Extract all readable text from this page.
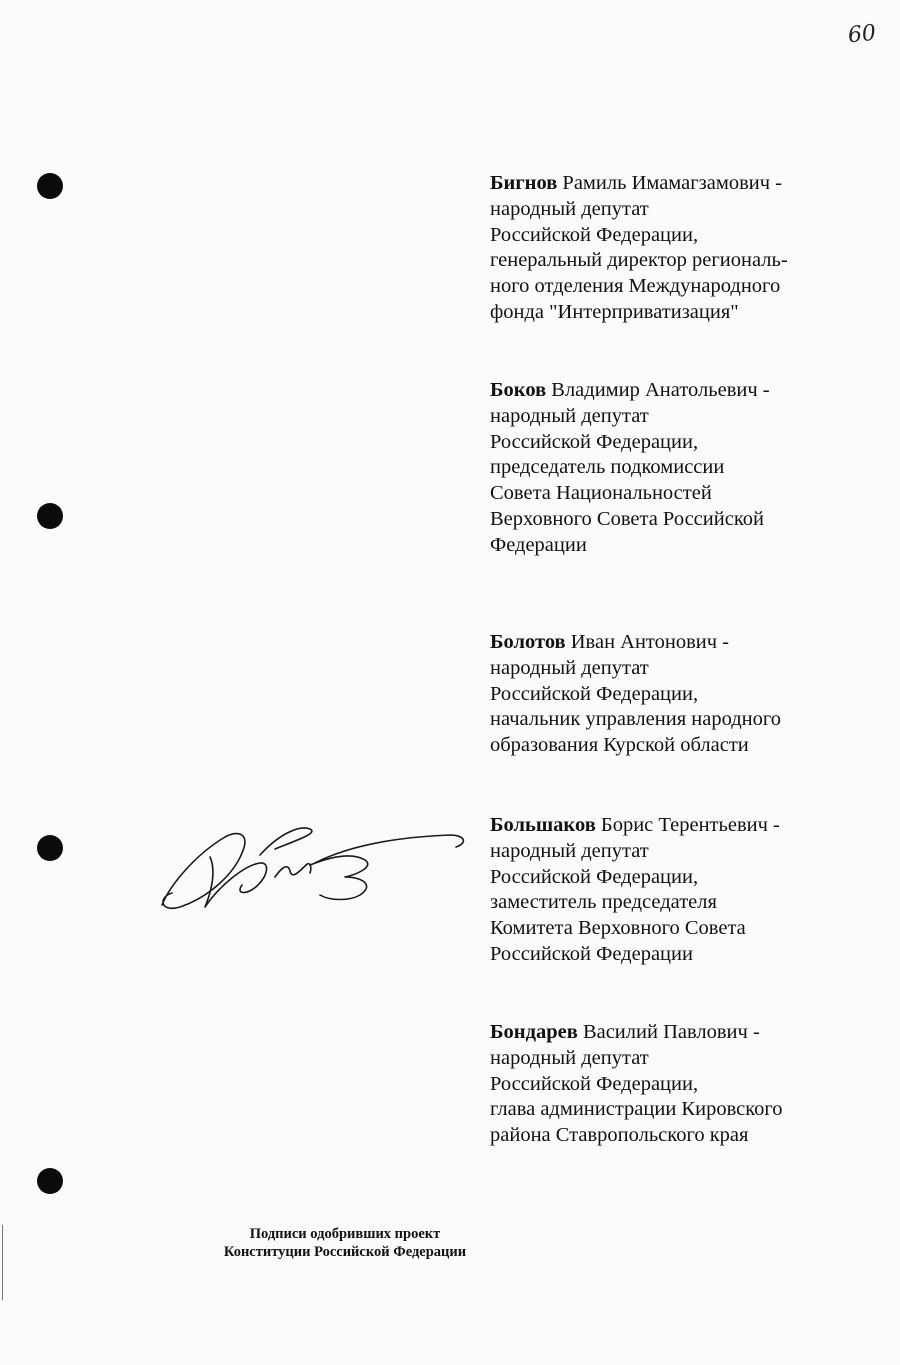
60
Бигнов Рамиль Имамагзамович -
народный депутат
Российской Федерации,
генеральный директор региональ-
ного отделения Международного
фонда "Интерприватизация"
Боков Владимир Анатольевич -
народный депутат
Российской Федерации,
председатель подкомиссии
Совета Национальностей
Верховного Совета Российской
Федерации
Болотов Иван Антонович -
народный депутат
Российской Федерации,
начальник управления народного
образования Курской области
Большаков Борис Терентьевич -
народный депутат
Российской Федерации,
заместитель председателя
Комитета Верховного Совета
Российской Федерации
Бондарев Василий Павлович -
народный депутат
Российской Федерации,
глава администрации Кировского
района Ставропольского края
Подписи одобривших проект
Конституции Российской Федерации
